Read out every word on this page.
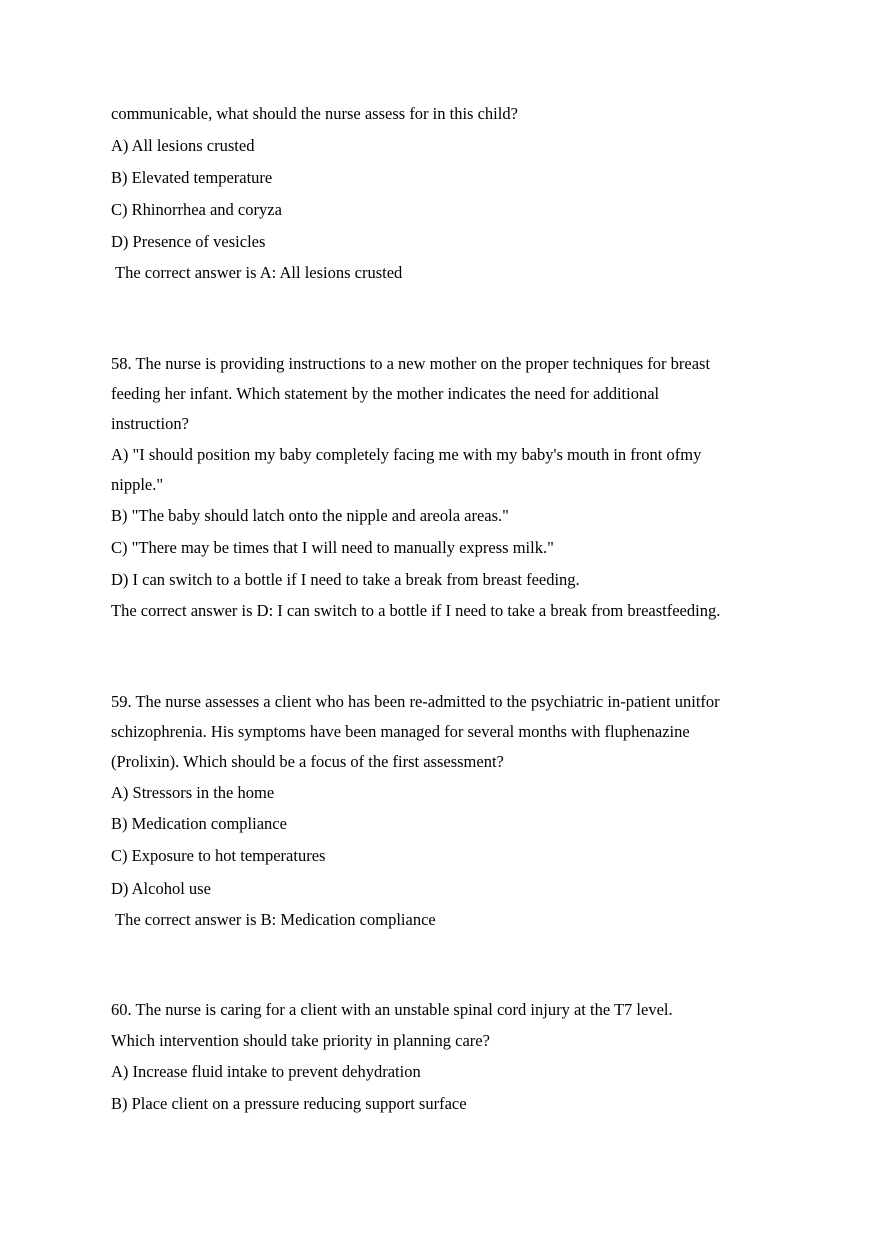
communicable, what should the nurse assess for in this child?
A) All lesions crusted
B) Elevated temperature
C) Rhinorrhea and coryza
D) Presence of vesicles
The correct answer is A: All lesions crusted
58. The nurse is providing instructions to a new mother on the proper techniques for breast
feeding her infant. Which statement by the mother indicates the need for additional
instruction?
A) "I should position my baby completely facing me with my baby's mouth in front ofmy
nipple."
B) "The baby should latch onto the nipple and areola areas."
C) "There may be times that I will need to manually express milk."
D) I can switch to a bottle if I need to take a break from breast feeding.
The correct answer is D: I can switch to a bottle if I need to take a break from breastfeeding.
59. The nurse assesses a client who has been re-admitted to the psychiatric in-patient unitfor
schizophrenia. His symptoms have been managed for several months with fluphenazine
(Prolixin). Which should be a focus of the first assessment?
A) Stressors in the home
B) Medication compliance
C) Exposure to hot temperatures
D) Alcohol use
The correct answer is B: Medication compliance
60. The nurse is caring for a client with an unstable spinal cord injury at the T7 level.
Which intervention should take priority in planning care?
A) Increase fluid intake to prevent dehydration
B) Place client on a pressure reducing support surface
